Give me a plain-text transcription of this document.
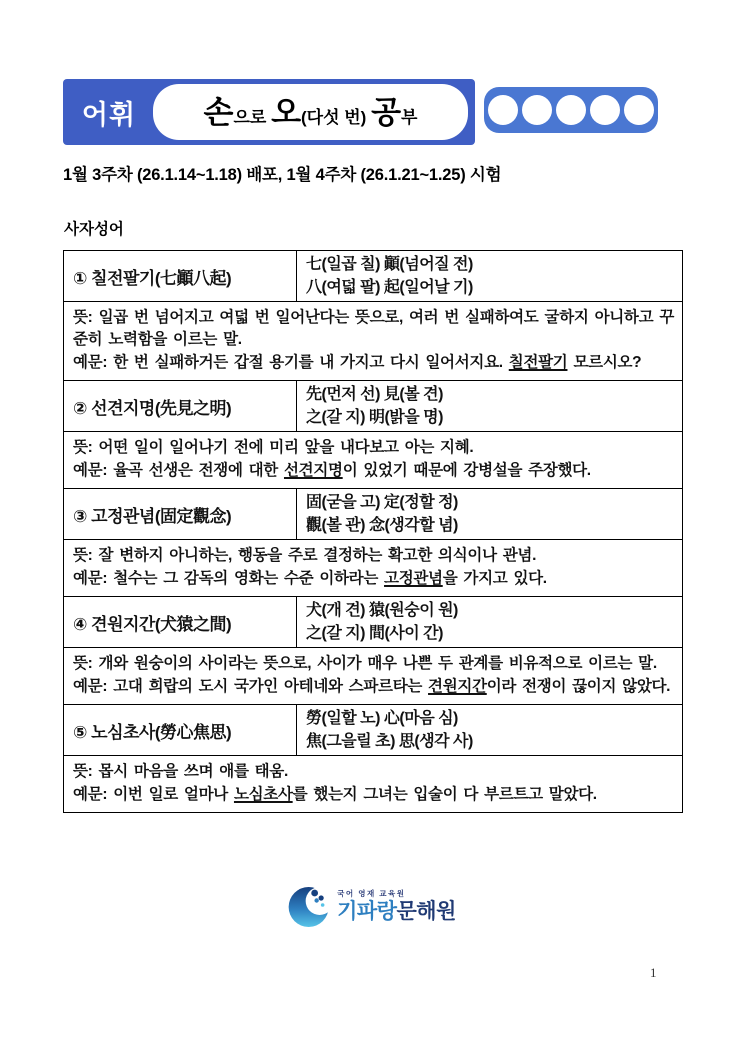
어휘	손 으로 오 (다섯 번) 공 부
1월 3주차 (26.1.14~1.18) 배포, 1월 4주차 (26.1.21~1.25) 시험
사자성어
① 칠전팔기(七顚八起)	七(일곱 칠) 顚(넘어질 전)
八(여덟 팔) 起(일어날 기)

뜻: 일곱 번 넘어지고 여덟 번 일어난다는 뜻으로, 여러 번 실패하여도 굴하지 아니하고 꾸준히 노력함을 이르는 말.
예문: 한 번 실패하거든 갑절 용기를 내 가지고 다시 일어서지요. 칠전팔기 모르시오?	

② 선견지명(先見之明)	先(먼저 선) 見(볼 견)
之(갈 지) 明(밝을 명)

뜻: 어떤 일이 일어나기 전에 미리 앞을 내다보고 아는 지혜.
예문: 율곡 선생은 전쟁에 대한 선견지명이 있었기 때문에 강병설을 주장했다.	

③ 고정관념(固定觀念)	固(굳을 고) 定(정할 정)
觀(볼 관) 念(생각할 념)

뜻: 잘 변하지 아니하는, 행동을 주로 결정하는 확고한 의식이나 관념.
예문: 철수는 그 감독의 영화는 수준 이하라는 고정관념을 가지고 있다.	

④ 견원지간(犬猿之間)	犬(개 견) 猿(원숭이 원)
之(갈 지) 間(사이 간)

뜻: 개와 원숭이의 사이라는 뜻으로, 사이가 매우 나쁜 두 관계를 비유적으로 이르는 말.
예문: 고대 희랍의 도시 국가인 아테네와 스파르타는 견원지간이라 전쟁이 끊이지 않았다.	

⑤ 노심초사(勞心焦思)	勞(일할 노) 心(마음 심)
焦(그을릴 초) 思(생각 사)

뜻: 몹시 마음을 쓰며 애를 태움.
예문: 이번 일로 얼마나 노심초사를 했는지 그녀는 입술이 다 부르트고 말았다.	
국어 영재 교육원
기파랑문해원
1
